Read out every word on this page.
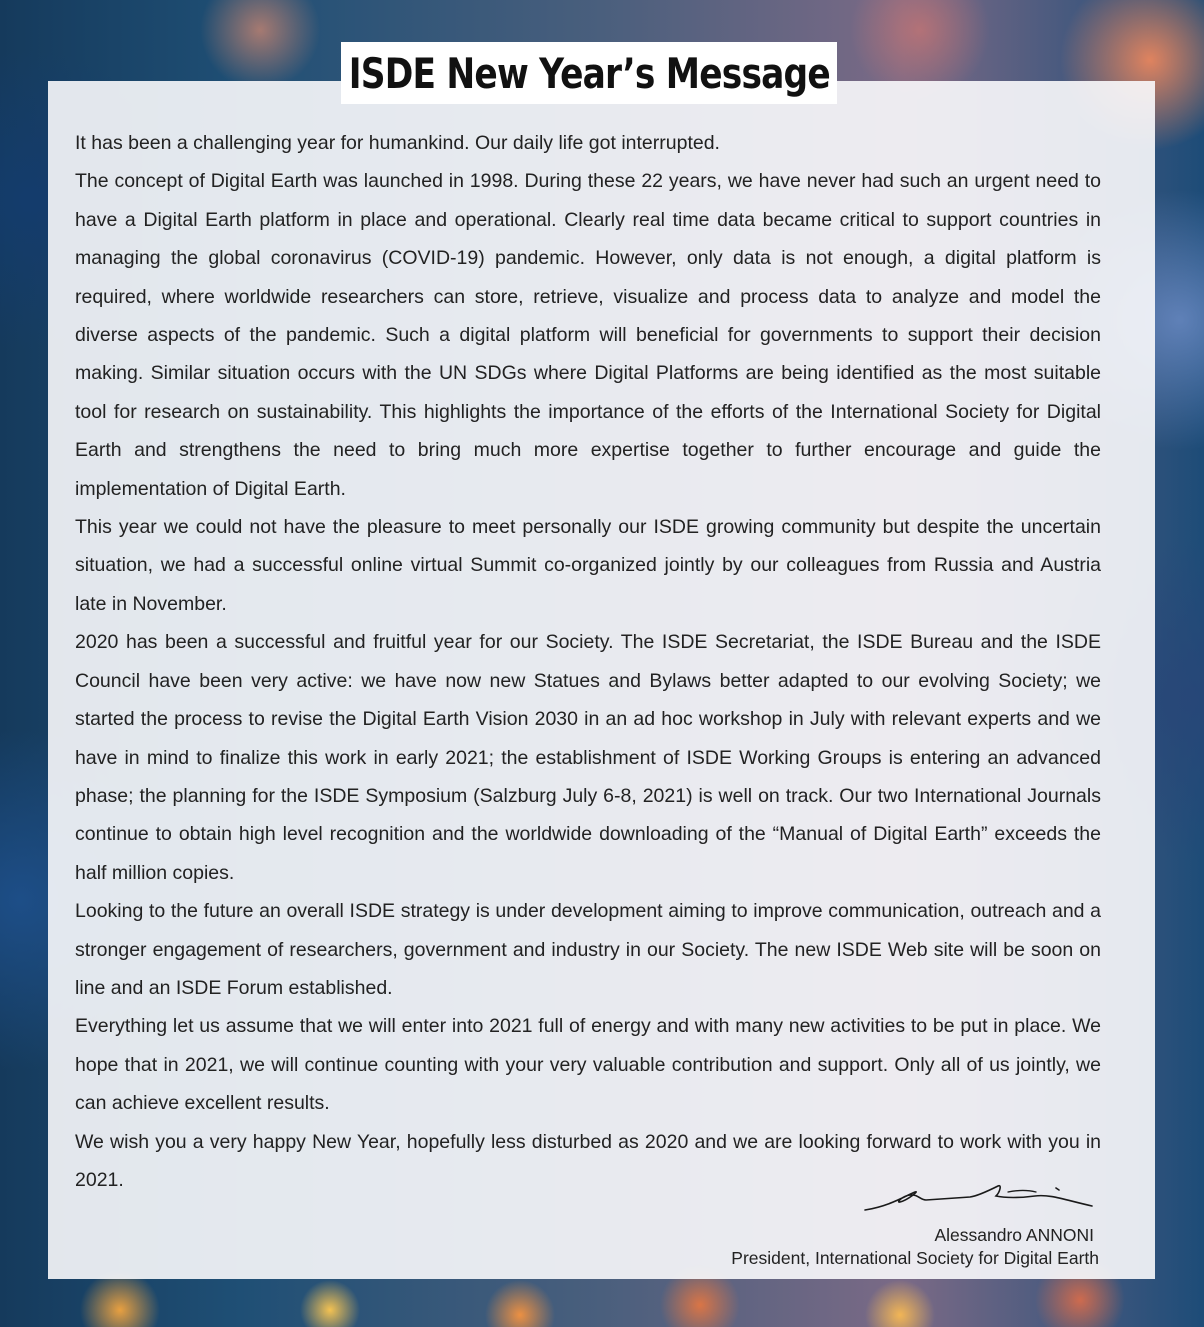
ISDE New Year’s Message

It has been a challenging year for humankind. Our daily life got interrupted.

The concept of Digital Earth was launched in 1998. During these 22 years, we have never had such an urgent need to have a Digital Earth platform in place and operational. Clearly real time data became critical to support countries in managing the global coronavirus (COVID-19) pandemic. However, only data is not enough, a digital platform is required, where worldwide researchers can store, retrieve, visualize and process data to analyze and model the diverse aspects of the pandemic. Such a digital platform will beneficial for governments to support their decision making. Similar situation occurs with the UN SDGs where Digital Platforms are being identified as the most suitable tool for research on sustainability. This highlights the importance of the efforts of the International Society for Digital Earth and strengthens the need to bring much more expertise together to further encourage and guide the implementation of Digital Earth.

This year we could not have the pleasure to meet personally our ISDE growing community but despite the uncertain situation, we had a successful online virtual Summit co-organized jointly by our colleagues from Russia and Austria late in November.

2020 has been a successful and fruitful year for our Society. The ISDE Secretariat, the ISDE Bureau and the ISDE Council have been very active: we have now new Statues and Bylaws better adapted to our evolving Society; we started the process to revise the Digital Earth Vision 2030 in an ad hoc workshop in July with relevant experts and we have in mind to finalize this work in early 2021; the establishment of ISDE Working Groups is entering an advanced phase; the planning for the ISDE Symposium (Salzburg July 6-8, 2021) is well on track. Our two International Journals continue to obtain high level recognition and the worldwide downloading of the “Manual of Digital Earth” exceeds the half million copies.

Looking to the future an overall ISDE strategy is under development aiming to improve communication, outreach and a stronger engagement of researchers, government and industry in our Society. The new ISDE Web site will be soon on line and an ISDE Forum established.

Everything let us assume that we will enter into 2021 full of energy and with many new activities to be put in place. We hope that in 2021, we will continue counting with your very valuable contribution and support. Only all of us jointly, we can achieve excellent results.

We wish you a very happy New Year, hopefully less disturbed as 2020 and we are looking forward to work with you in 2021.

Alessandro ANNONI
President, International Society for Digital Earth
